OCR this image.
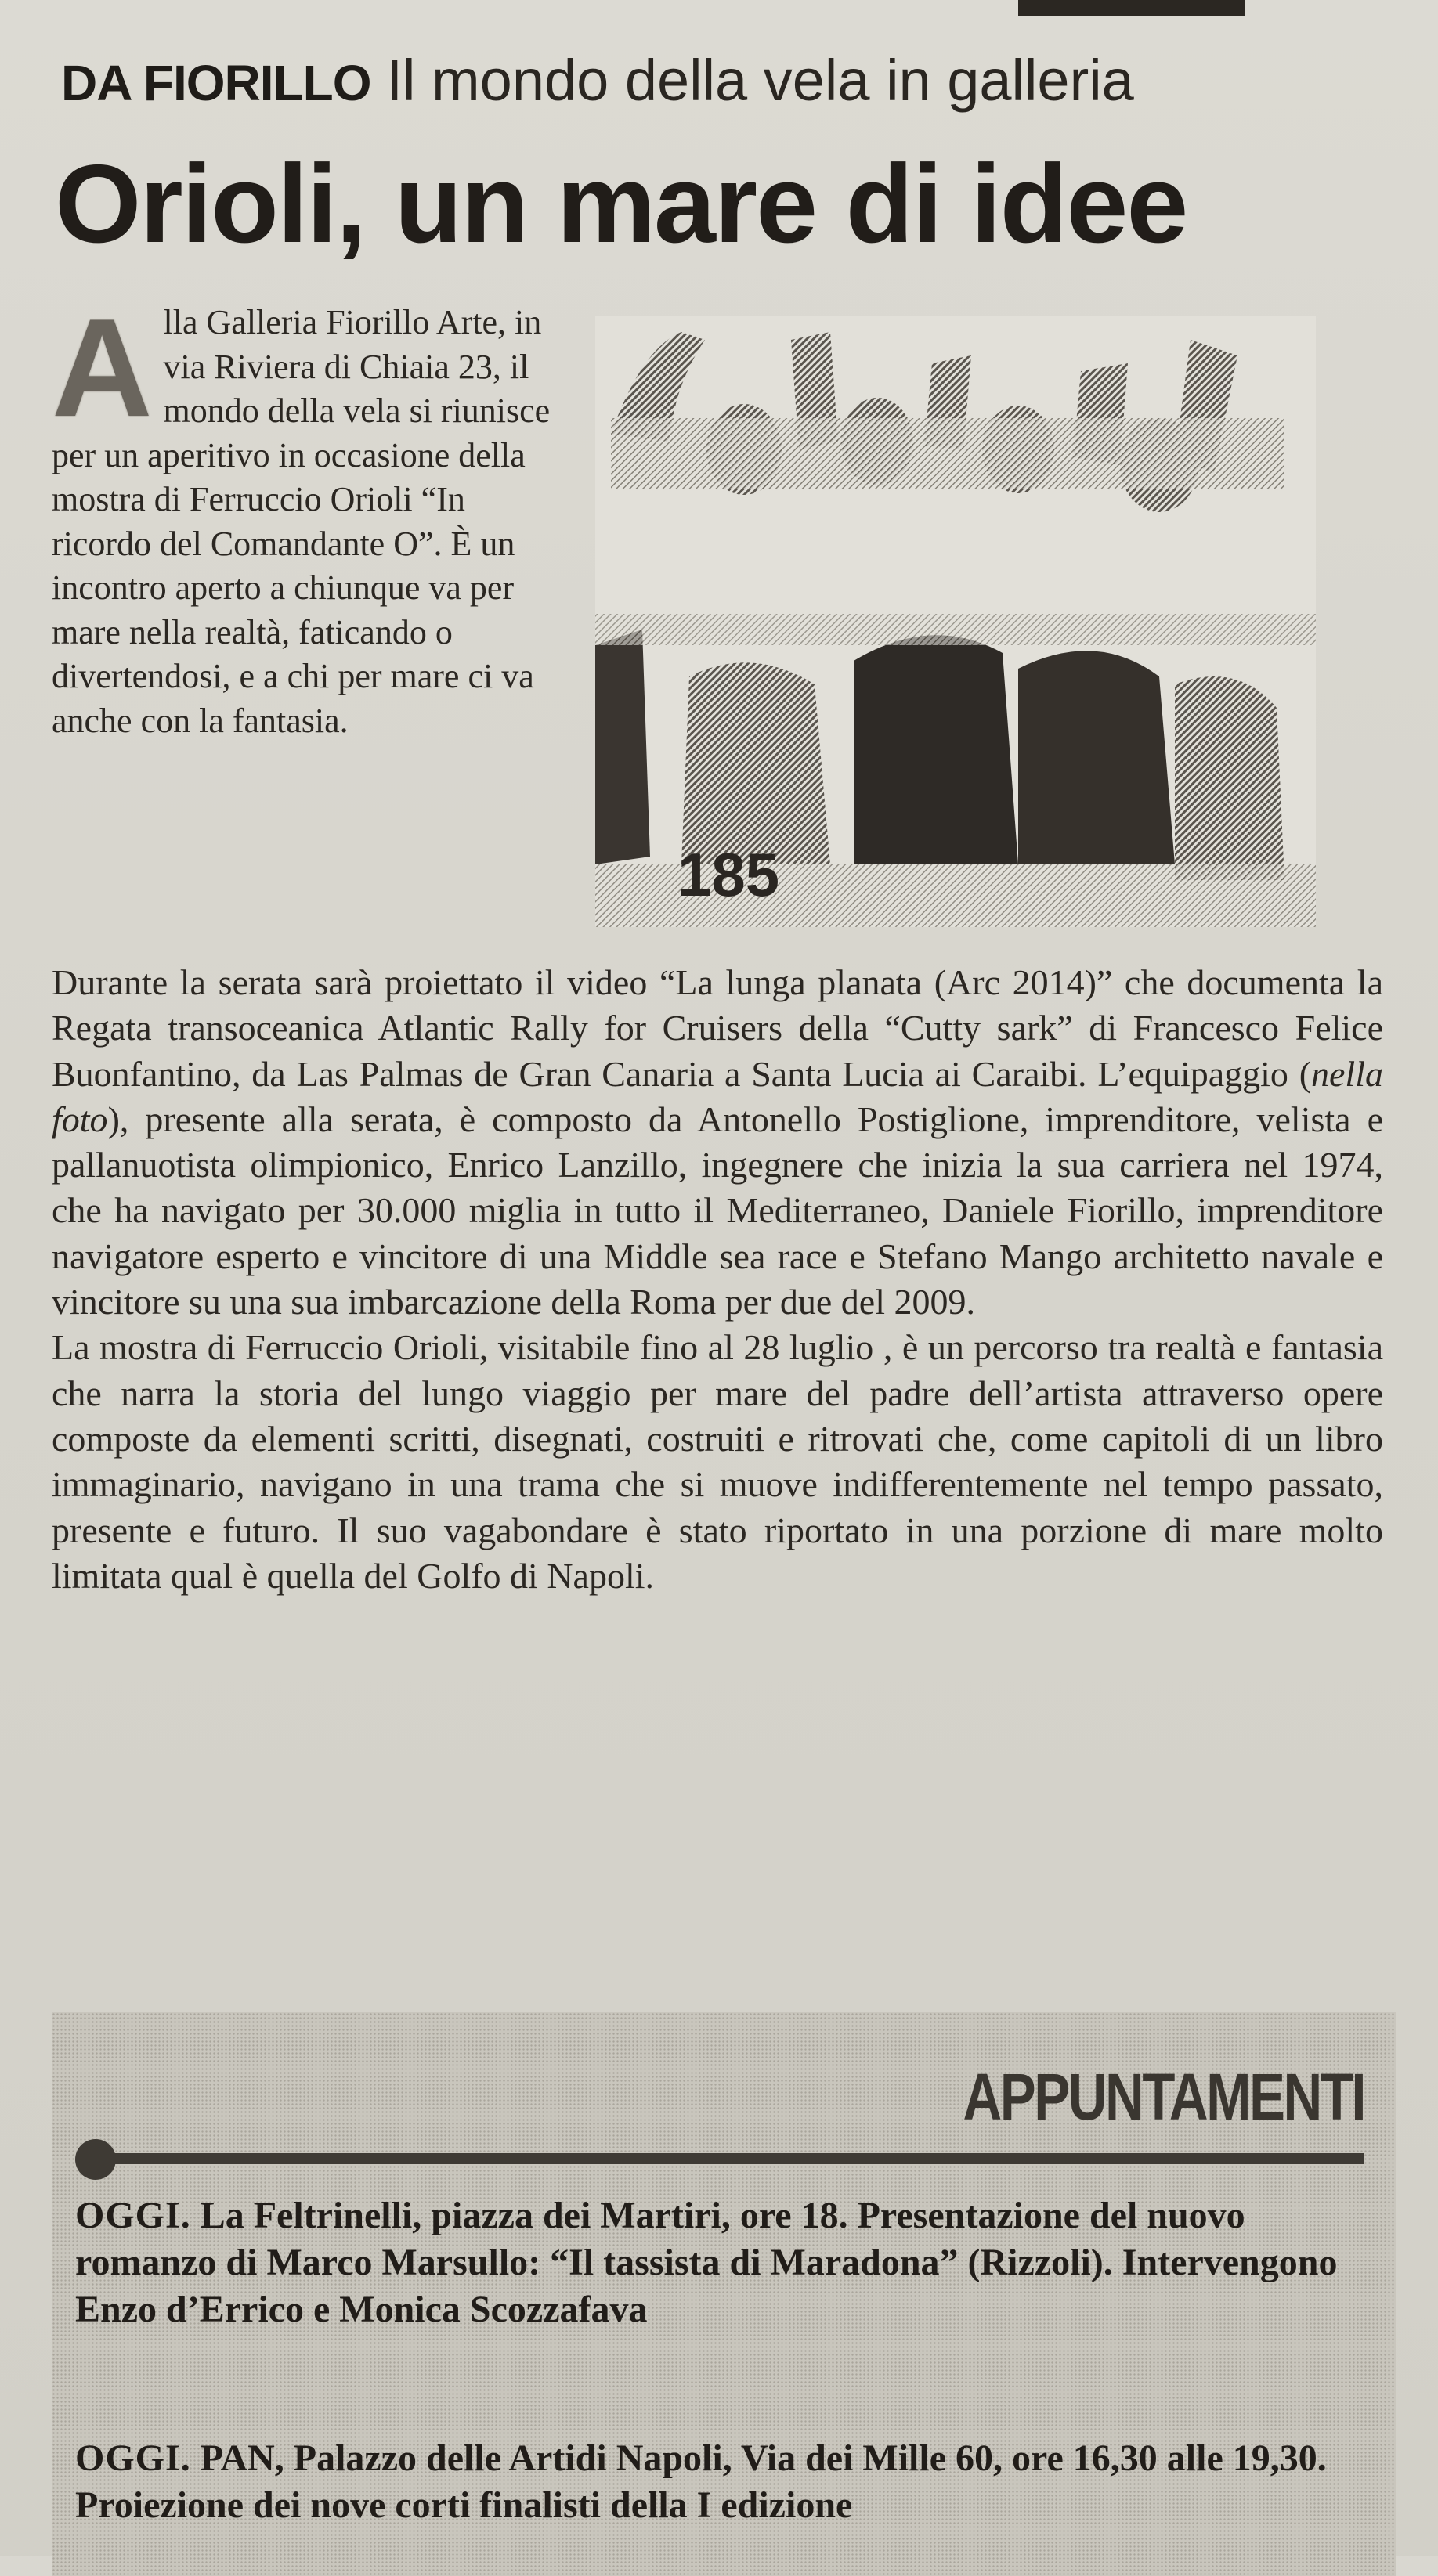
DA FIORILLO Il mondo della vela in galleria
Orioli, un mare di idee
Alla Galleria Fiorillo Arte, in via Riviera di Chiaia 23, il mondo della vela si riunisce per un aperitivo in occasione della mostra di Ferruccio Orioli “In ricordo del Comandante O”. È un incontro aperto a chiunque va per mare nella realtà, faticando o divertendosi, e a chi per mare ci va anche con la fantasia.
185

Durante la serata sarà proiettato il video “La lunga planata (Arc 2014)” che documenta la Regata transoceanica Atlantic Rally for Cruisers della “Cutty sark” di Francesco Felice Buonfantino, da Las Palmas de Gran Canaria a Santa Lucia ai Caraibi. L’equipaggio (nella foto), presente alla serata, è composto da Antonello Postiglione, imprenditore, velista e pallanuotista olimpionico, Enrico Lanzillo, ingegnere che inizia la sua carriera nel 1974, che ha navigato per 30.000 miglia in tutto il Mediterraneo, Daniele Fiorillo, imprenditore navigatore esperto e vincitore di una Middle sea race e Stefano Mango architetto navale e vincitore su una sua imbarcazione della Roma per due del 2009.

La mostra di Ferruccio Orioli, visitabile fino al 28 luglio , è un percorso tra realtà e fantasia che narra la storia del lungo viaggio per mare del padre dell’artista attraverso opere composte da elementi scritti, disegnati, costruiti e ritrovati che, come capitoli di un libro immaginario, navigano in una trama che si muove indifferentemente nel tempo passato, presente e futuro. Il suo vagabondare è stato riportato in una porzione di mare molto limitata qual è quella del Golfo di Napoli.

APPUNTAMENTI
OGGI. La Feltrinelli, piazza dei Martiri, ore 18. Presentazione del nuovo romanzo di Marco Marsullo: “Il tassista di Maradona” (Rizzoli). Intervengono Enzo d’Errico e Monica Scozzafava
OGGI. PAN, Palazzo delle Artidi Napoli, Via dei Mille 60, ore 16,30 alle 19,30. Proiezione dei nove corti finalisti della I edizione
